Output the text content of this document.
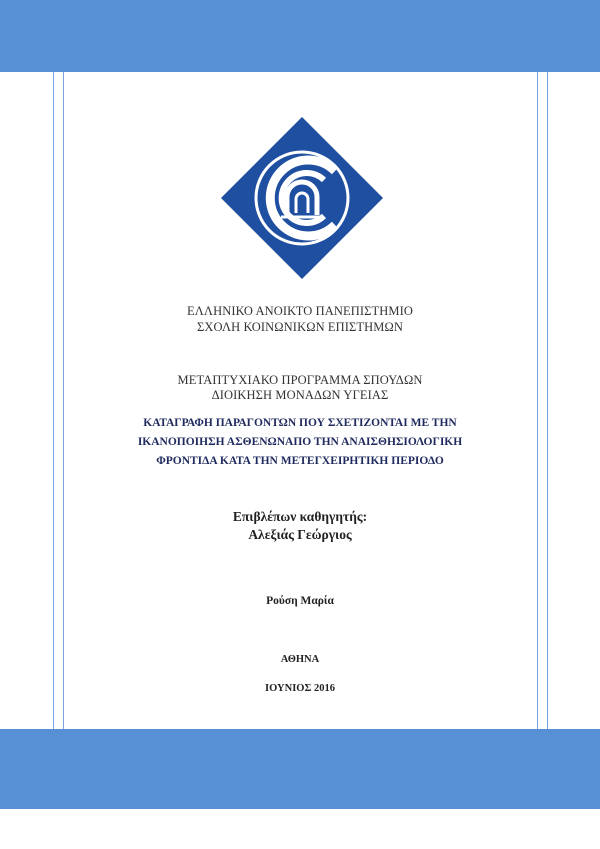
ΕΛΛΗΝΙΚΟ ΑΝΟΙΚΤΟ ΠΑΝΕΠΙΣΤΗΜΙΟ
ΣΧΟΛΗ ΚΟΙΝΩΝΙΚΩΝ ΕΠΙΣΤΗΜΩΝ
ΜΕΤΑΠΤΥΧΙΑΚΟ ΠΡΟΓΡΑΜΜΑ ΣΠΟΥΔΩΝ
ΔΙΟΙΚΗΣΗ ΜΟΝΑΔΩΝ ΥΓΕΙΑΣ
ΚΑΤΑΓΡΑΦΗ ΠΑΡΑΓΟΝΤΩΝ ΠΟΥ ΣΧΕΤΙΖΟΝΤΑΙ ΜΕ ΤΗΝ
ΙΚΑΝΟΠΟΙΗΣΗ ΑΣΘΕΝΩΝΑΠΟ ΤΗΝ ΑΝΑΙΣΘΗΣΙΟΛΟΓΙΚΗ
ΦΡΟΝΤΙΔΑ ΚΑΤΑ ΤΗΝ ΜΕΤΕΓΧΕΙΡΗΤΙΚΗ ΠΕΡΙΟΔΟ
Επιβλέπων καθηγητής:
Αλεξιάς Γεώργιος
Ρούση Μαρία
ΑΘΗΝΑ
ΙΟΥΝΙΟΣ 2016
